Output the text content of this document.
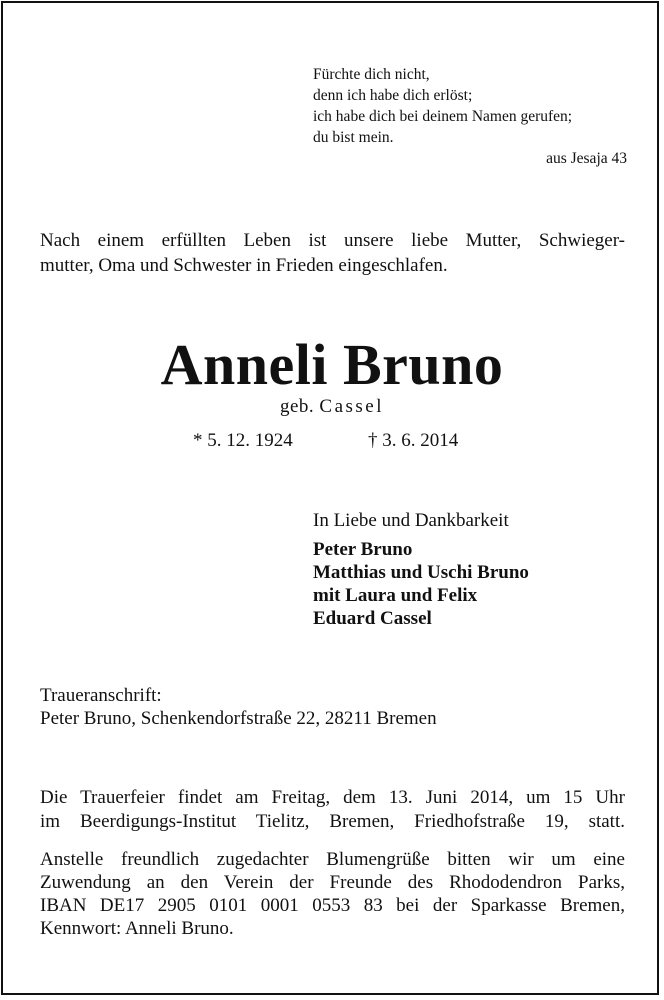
Fürchte dich nicht,
denn ich habe dich erlöst;
ich habe dich bei deinem Namen gerufen;
du bist mein.
aus Jesaja 43
Nach einem erfüllten Leben ist unsere liebe Mutter, Schwieger-
mutter, Oma und Schwester in Frieden eingeschlafen.
Anneli Bruno
geb. Cassel
* 5. 12. 1924	† 3. 6. 2014
In Liebe und Dankbarkeit
Peter Bruno
Matthias und Uschi Bruno
mit Laura und Felix
Eduard Cassel
Traueranschrift:
Peter Bruno, Schenkendorfstraße 22, 28211 Bremen
Die Trauerfeier findet am Freitag, dem 13. Juni 2014, um 15 Uhr
im Beerdigungs-Institut Tielitz, Bremen, Friedhofstraße 19, statt.
Anstelle freundlich zugedachter Blumengrüße bitten wir um eine
Zuwendung an den Verein der Freunde des Rhododendron Parks,
IBAN DE17 2905 0101 0001 0553 83 bei der Sparkasse Bremen,
Kennwort: Anneli Bruno.
